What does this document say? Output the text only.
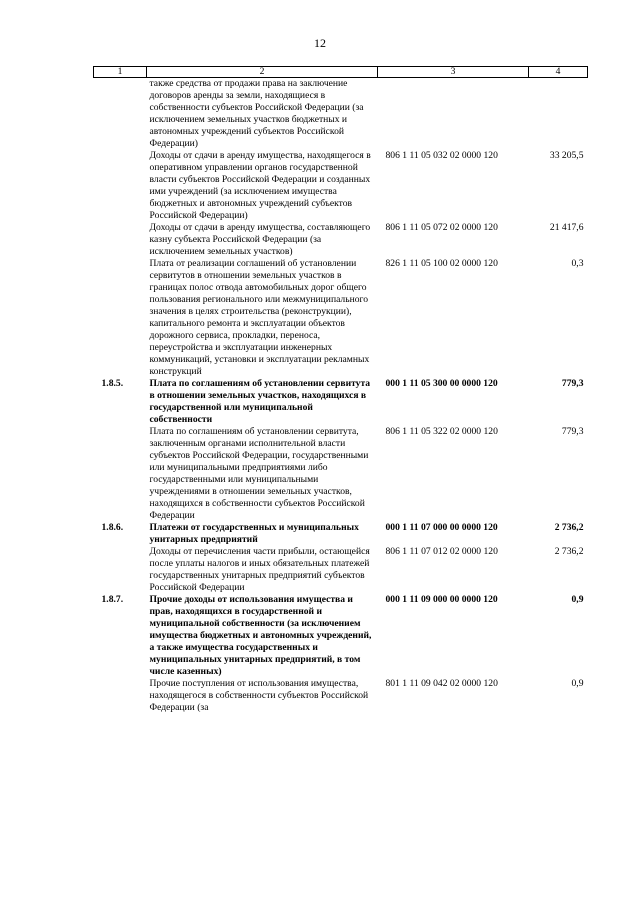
12
1	2	3	4
	также средства от продажи права на заключение договоров аренды за земли, находящиеся в собственности субъектов Российской Федерации (за исключением земельных участков бюджетных и автономных учреждений субъектов Российской Федерации)		
	Доходы от сдачи в аренду имущества, находящегося в оперативном управлении органов государственной власти субъектов Российской Федерации и созданных ими учреждений (за исключением имущества бюджетных и автономных учреждений субъектов Российской Федерации)	806 1 11 05 032 02 0000 120	33 205,5
	Доходы от сдачи в аренду имущества, составляющего казну субъекта Российской Федерации (за исключением земельных участков)	806 1 11 05 072 02 0000 120	21 417,6
	Плата от реализации соглашений об установлении сервитутов в отношении земельных участков в границах полос отвода автомобильных дорог общего пользования регионального или межмуниципального значения в целях строительства (реконструкции), капитального ремонта и эксплуатации объектов дорожного сервиса, прокладки, переноса, переустройства и эксплуатации инженерных коммуникаций, установки и эксплуатации рекламных конструкций	826 1 11 05 100 02 0000 120	0,3
1.8.5.	Плата по соглашениям об установлении сервитута в отношении земельных участков, находящихся в государственной или муниципальной собственности	000 1 11 05 300 00 0000 120	779,3
	Плата по соглашениям об установлении сервитута, заключенным органами исполнительной власти субъектов Российской Федерации, государственными или муниципальными предприятиями либо государственными или муниципальными учреждениями в отношении земельных участков, находящихся в собственности субъектов Российской Федерации	806 1 11 05 322 02 0000 120	779,3
1.8.6.	Платежи от государственных и муниципальных унитарных предприятий	000 1 11 07 000 00 0000 120	2 736,2
	Доходы от перечисления части прибыли, остающейся после уплаты налогов и иных обязательных платежей государственных унитарных предприятий субъектов Российской Федерации	806 1 11 07 012 02 0000 120	2 736,2
1.8.7.	Прочие доходы от использования имущества и прав, находящихся в государственной и муниципальной собственности (за исключением имущества бюджетных и автономных учреждений, а также имущества государственных и муниципальных унитарных предприятий, в том числе казенных)	000 1 11 09 000 00 0000 120	0,9
	Прочие поступления от использования имущества, находящегося в собственности субъектов Российской Федерации (за	801 1 11 09 042 02 0000 120	0,9
